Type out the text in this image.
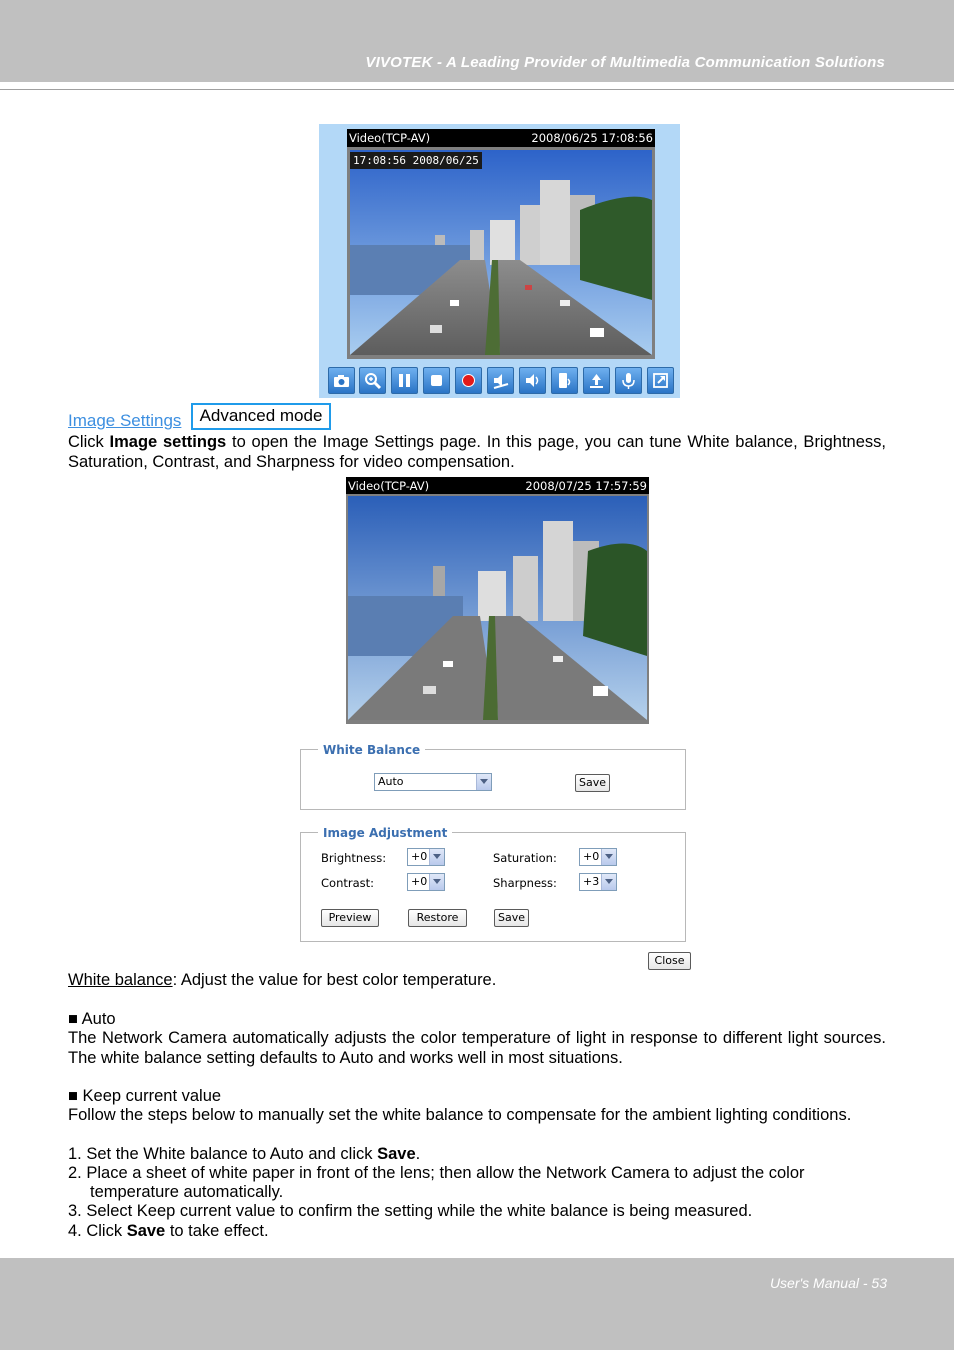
VIVOTEK - A Leading Provider of Multimedia Communication Solutions
Video(TCP-AV)	2008/06/25 17:08:56
17:08:56 2008/06/25
Image Settings	Advanced mode

Click Image settings to open the Image Settings page. In this page, you can tune White balance, Brightness, Saturation, Contrast, and Sharpness for video compensation.

Video(TCP-AV)	2008/07/25 17:57:59
White Balance
Auto	Save
Image Adjustment
Brightness:	+0	Saturation:	+0
Contrast:	+0	Sharpness:	+3
Preview	Restore	Save
Close

White balance: Adjust the value for best color temperature.

■ Auto

The Network Camera automatically adjusts the color temperature of light in response to different light sources. The white balance setting defaults to Auto and works well in most situations.

■ Keep current value

Follow the steps below to manually set the white balance to compensate for the ambient lighting conditions.

1. Set the White balance to Auto and click Save.

2. Place a sheet of white paper in front of the lens; then allow the Network Camera to adjust the color

temperature automatically.

3. Select Keep current value to confirm the setting while the white balance is being measured.

4. Click Save to take effect.

User's Manual - 53
